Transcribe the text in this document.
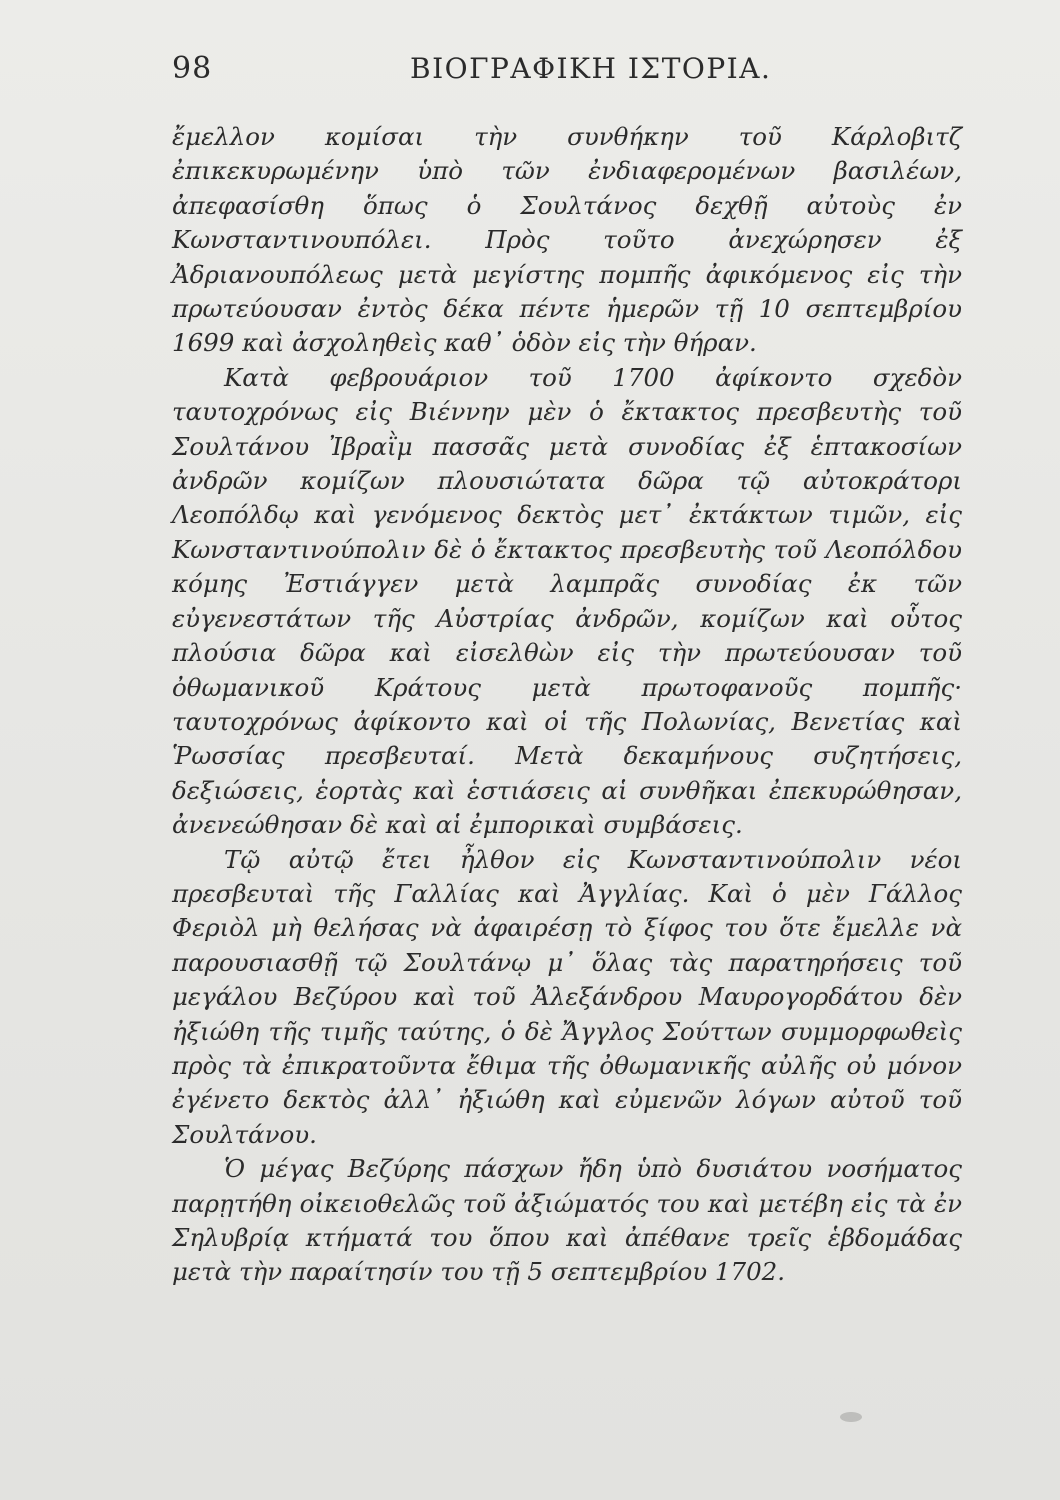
98	ΒΙΟΓΡΑΦΙΚΗ ΙΣΤΟΡΙΑ.

ἔμελλον κομίσαι τὴν συνθήκην τοῦ Κάρλοβιτζ ἐπικεκυρωμένην ὑπὸ τῶν ἐνδιαφερομένων βασιλέων, ἀπεφασίσθη ὅπως ὁ Σουλτάνος δεχθῇ αὐτοὺς ἐν Κωνσταντινουπόλει. Πρὸς τοῦτο ἀνεχώρησεν ἐξ Ἀδριανουπόλεως μετὰ μεγίστης πομπῆς ἀφικόμενος εἰς τὴν πρωτεύουσαν ἐντὸς δέκα πέντε ἡμερῶν τῇ 10 σεπτεμβρίου 1699 καὶ ἀσχοληθεὶς καθ᾽ ὁδὸν εἰς τὴν θήραν.

Κατὰ φεβρουάριον τοῦ 1700 ἀφίκοντο σχεδὸν ταυτοχρόνως εἰς Βιέννην μὲν ὁ ἔκτακτος πρεσβευτὴς τοῦ Σουλτάνου Ἰβραῒμ πασσᾶς μετὰ συνοδίας ἐξ ἑπτακοσίων ἀνδρῶν κομίζων πλουσιώτατα δῶρα τῷ αὐτοκράτορι Λεοπόλδῳ καὶ γενόμενος δεκτὸς μετ᾽ ἐκτάκτων τιμῶν, εἰς Κωνσταντινούπολιν δὲ ὁ ἔκτακτος πρεσβευτὴς τοῦ Λεοπόλδου κόμης Ἐστιάγγεν μετὰ λαμπρᾶς συνοδίας ἐκ τῶν εὐγενεστάτων τῆς Αὐστρίας ἀνδρῶν, κομίζων καὶ οὗτος πλούσια δῶρα καὶ εἰσελθὼν εἰς τὴν πρωτεύουσαν τοῦ ὀθωμανικοῦ Κράτους μετὰ πρωτοφανοῦς πομπῆς· ταυτοχρόνως ἀφίκοντο καὶ οἱ τῆς Πολωνίας, Βενετίας καὶ Ῥωσσίας πρεσβευταί. Μετὰ δεκαμήνους συζητήσεις, δεξιώσεις, ἑορτὰς καὶ ἑστιάσεις αἱ συνθῆκαι ἐπεκυρώθησαν, ἀνενεώθησαν δὲ καὶ αἱ ἐμπορικαὶ συμβάσεις.

Τῷ αὐτῷ ἔτει ἦλθον εἰς Κωνσταντινούπολιν νέοι πρεσβευταὶ τῆς Γαλλίας καὶ Ἀγγλίας. Καὶ ὁ μὲν Γάλλος Φεριὸλ μὴ θελήσας νὰ ἀφαιρέσῃ τὸ ξίφος του ὅτε ἔμελλε νὰ παρουσιασθῇ τῷ Σουλτάνῳ μ᾽ ὅλας τὰς παρατηρήσεις τοῦ μεγάλου Βεζύρου καὶ τοῦ Ἀλεξάνδρου Μαυρογορδάτου δὲν ἠξιώθη τῆς τιμῆς ταύτης, ὁ δὲ Ἄγγλος Σούττων συμμορφωθεὶς πρὸς τὰ ἐπικρατοῦντα ἔθιμα τῆς ὀθωμανικῆς αὐλῆς οὐ μόνον ἐγένετο δεκτὸς ἀλλ᾽ ἠξιώθη καὶ εὐμενῶν λόγων αὐτοῦ τοῦ Σουλτάνου.

Ὁ μέγας Βεζύρης πάσχων ἤδη ὑπὸ δυσιάτου νοσήματος παρῃτήθη οἰκειοθελῶς τοῦ ἀξιώματός του καὶ μετέβη εἰς τὰ ἐν Σηλυβρίᾳ κτήματά του ὅπου καὶ ἀπέθανε τρεῖς ἑβδομάδας μετὰ τὴν παραίτησίν του τῇ 5 σεπτεμβρίου 1702.
